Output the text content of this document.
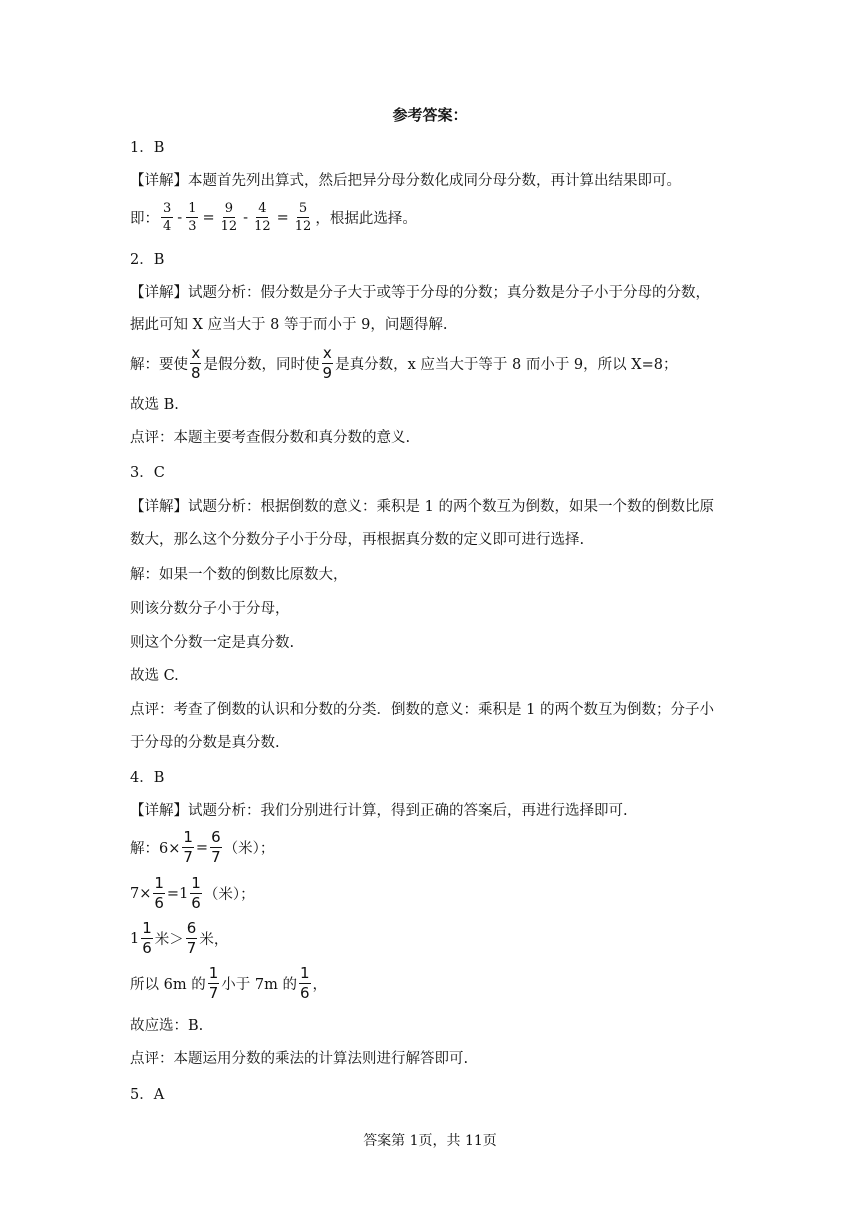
参考答案：
1．B
【详解】本题首先列出算式，然后把异分母分数化成同分母分数，再计算出结果即可。
即： $\frac{3}{4} - \frac{1}{3} = \frac{9}{12} - \frac{4}{12} = \frac{5}{12}$ ，根据此选择。
2．B
【详解】试题分析：假分数是分子大于或等于分母的分数；真分数是分子小于分母的分数，
据此可知 X 应当大于 8 等于而小于 9，问题得解.
解：要使 $\frac{x}{8}$ 是假分数，同时使 $\frac{x}{9}$ 是真分数，x 应当大于等于 8 而小于 9，所以 X=8；
故选 B.
点评：本题主要考查假分数和真分数的意义.
3．C
【详解】试题分析：根据倒数的意义：乘积是 1 的两个数互为倒数，如果一个数的倒数比原
数大，那么这个分数分子小于分母，再根据真分数的定义即可进行选择.
解：如果一个数的倒数比原数大，
则该分数分子小于分母，
则这个分数一定是真分数.
故选 C.
点评：考查了倒数的认识和分数的分类．倒数的意义：乘积是 1 的两个数互为倒数；分子小
于分母的分数是真分数.
4．B
【详解】试题分析：我们分别进行计算，得到正确的答案后，再进行选择即可.
解：$6\times \frac{1}{7} = \frac{6}{7}$ （米）；
$7\times \frac{1}{6} =1 \frac{1}{6}$ （米）；
$1 \frac{1}{6}$ 米＞ $\frac{6}{7}$ 米，
所以 6m 的 $\frac{1}{7}$ 小于 7m 的 $\frac{1}{6}$ ，
故应选：B.
点评：本题运用分数的乘法的计算法则进行解答即可.
5．A
答案第 1页，共 11页
